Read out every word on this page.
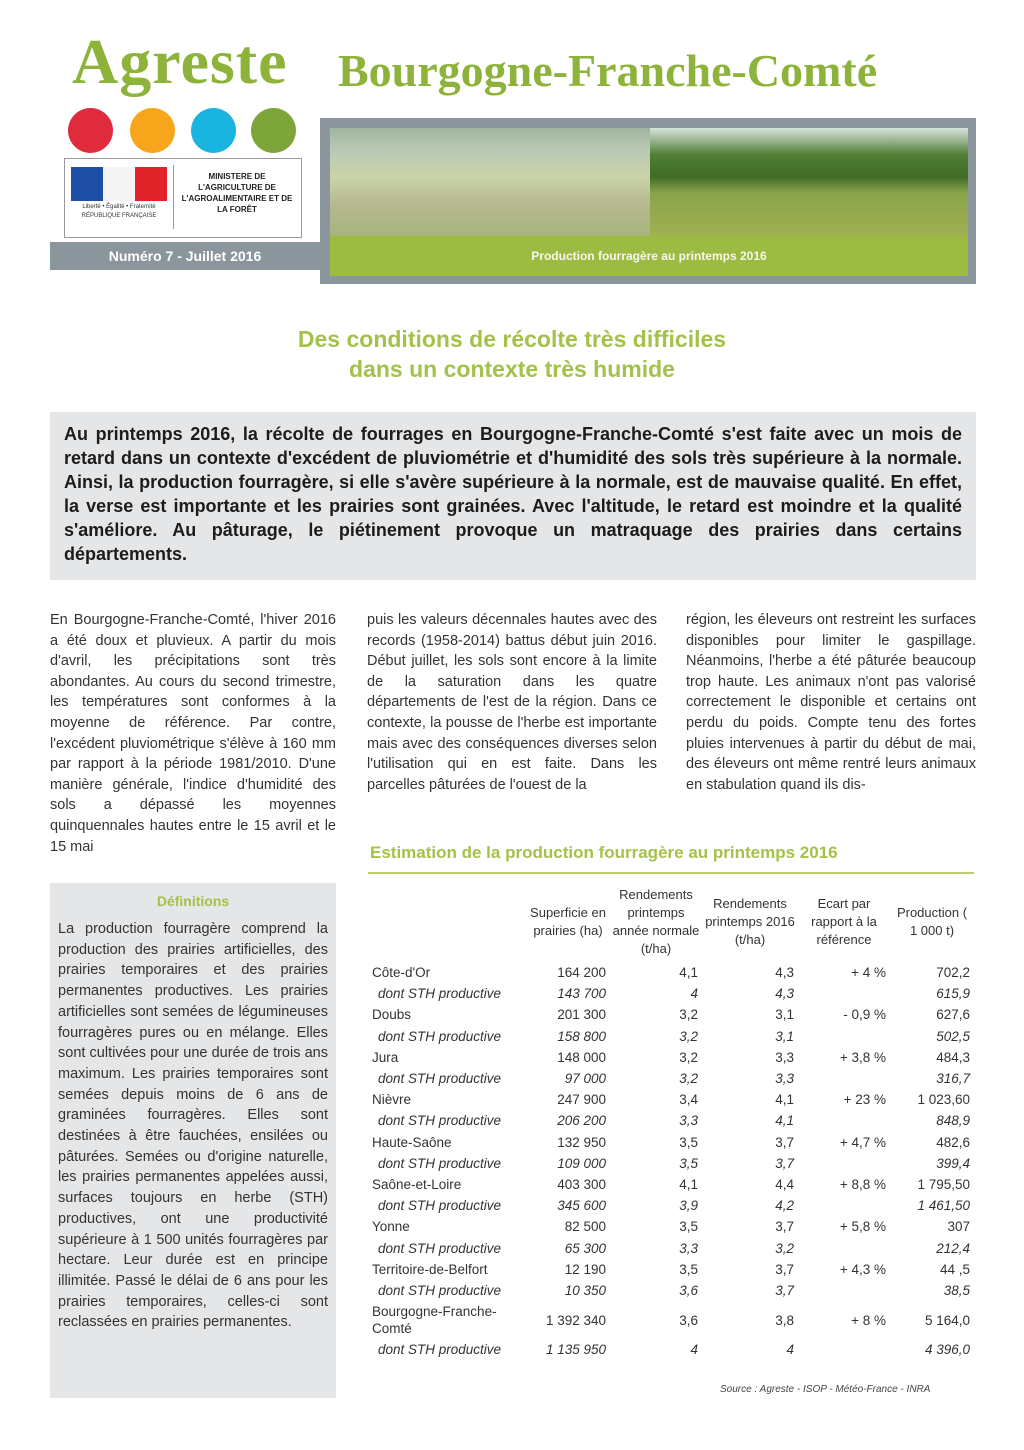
Agreste Bourgogne-Franche-Comté
Liberté • Égalité • Fraternité
RÉPUBLIQUE FRANÇAISE
MINISTERE DE L'AGRICULTURE DE L'AGROALIMENTAIRE ET DE LA FORÊT
Numéro 7 - Juillet 2016	Production fourragère au printemps 2016
Des conditions de récolte très difficiles
dans un contexte très humide
Au printemps 2016, la récolte de fourrages en Bourgogne-Franche-Comté s'est faite avec un mois de retard dans un contexte d'excédent de pluviométrie et d'humidité des sols très supérieure à la normale. Ainsi, la production fourragère, si elle s'avère supérieure à la normale, est de mauvaise qualité. En effet, la verse est importante et les prairies sont grainées. Avec l'altitude, le retard est moindre et la qualité s'améliore. Au pâturage, le piétinement provoque un matraquage des prairies dans certains départements.
En Bourgogne-Franche-Comté, l'hiver 2016 a été doux et pluvieux. A partir du mois d'avril, les précipitations sont très abondantes. Au cours du second trimestre, les températures sont conformes à la moyenne de référence. Par contre, l'excédent pluviométrique s'élève à 160 mm par rapport à la période 1981/2010. D'une manière générale, l'indice d'humidité des sols a dépassé les moyennes quinquennales hautes entre le 15 avril et le 15 mai
puis les valeurs décennales hautes avec des records (1958-2014) battus début juin 2016. Début juillet, les sols sont encore à la limite de la saturation dans les quatre départements de l'est de la région. Dans ce contexte, la pousse de l'herbe est importante mais avec des conséquences diverses selon l'utilisation qui en est faite. Dans les parcelles pâturées de l'ouest de la
région, les éleveurs ont restreint les surfaces disponibles pour limiter le gaspillage. Néanmoins, l'herbe a été pâturée beaucoup trop haute. Les animaux n'ont pas valorisé correctement le disponible et certains ont perdu du poids. Compte tenu des fortes pluies intervenues à partir du début de mai, des éleveurs ont même rentré leurs animaux en stabulation quand ils dis-
Définitions
La production fourragère comprend la production des prairies artificielles, des prairies temporaires et des prairies permanentes productives. Les prairies artificielles sont semées de légumineuses fourragères pures ou en mélange. Elles sont cultivées pour une durée de trois ans maximum. Les prairies temporaires sont semées depuis moins de 6 ans de graminées fourragères. Elles sont destinées à être fauchées, ensilées ou pâturées. Semées ou d'origine naturelle, les prairies permanentes appelées aussi, surfaces toujours en herbe (STH) productives, ont une productivité supérieure à 1 500 unités fourragères par hectare. Leur durée est en principe illimitée. Passé le délai de 6 ans pour les prairies temporaires, celles-ci sont reclassées en prairies permanentes.
Estimation de la production fourragère au printemps 2016
	Superficie en prairies (ha)	Rendements printemps année normale (t/ha)	Rendements printemps 2016 (t/ha)	Ecart par rapport à la référence	Production ( 1 000 t)
Côte-d'Or	164 200	4,1	4,3	+ 4 %	702,2
dont STH productive	143 700	4	4,3		615,9
Doubs	201 300	3,2	3,1	- 0,9 %	627,6
dont STH productive	158 800	3,2	3,1		502,5
Jura	148 000	3,2	3,3	+ 3,8 %	484,3
dont STH productive	97 000	3,2	3,3		316,7
Nièvre	247 900	3,4	4,1	+ 23 %	1 023,60
dont STH productive	206 200	3,3	4,1		848,9
Haute-Saône	132 950	3,5	3,7	+ 4,7 %	482,6
dont STH productive	109 000	3,5	3,7		399,4
Saône-et-Loire	403 300	4,1	4,4	+ 8,8 %	1 795,50
dont STH productive	345 600	3,9	4,2		1 461,50
Yonne	82 500	3,5	3,7	+ 5,8 %	307
dont STH productive	65 300	3,3	3,2		212,4
Territoire-de-Belfort	12 190	3,5	3,7	+ 4,3 %	44 ,5
dont STH productive	10 350	3,6	3,7		38,5
Bourgogne-Franche-Comté	1 392 340	3,6	3,8	+ 8 %	5 164,0
dont STH productive	1 135 950	4	4		4 396,0
Source : Agreste - ISOP - Météo-France - INRA
